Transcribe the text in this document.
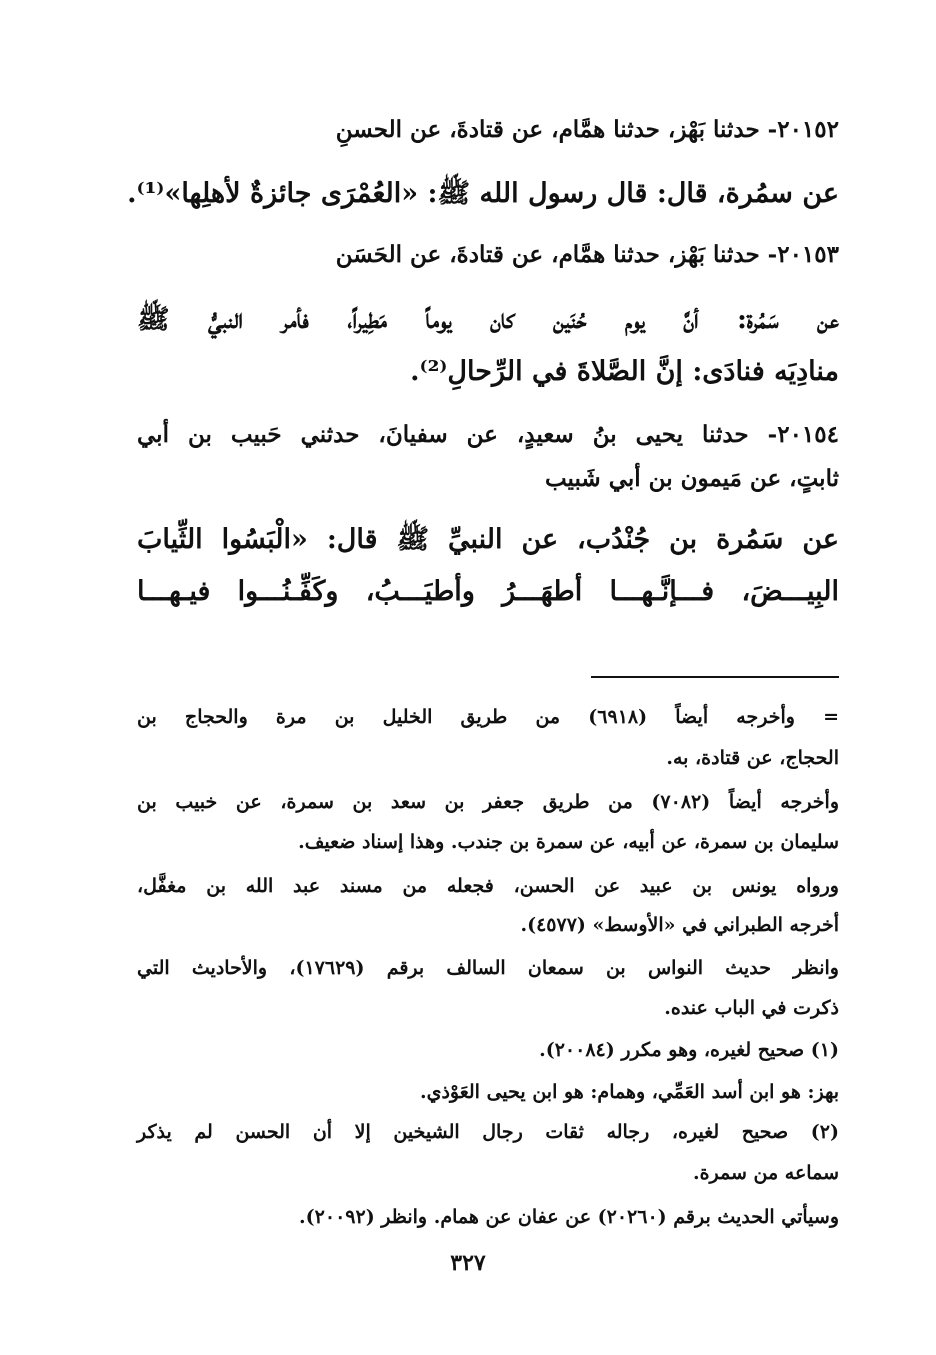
٢٠١٥٢- حدثنا بَهْز، حدثنا همَّام، عن قتادةَ، عن الحسنِ
عن سمُرة، قال: قال رسول الله ﷺ: «العُمْرَى جائزةٌ لأهلِها»⁽¹⁾.
٢٠١٥٣- حدثنا بَهْز، حدثنا همَّام، عن قتادةَ، عن الحَسَن
عن سَمُرة: أنَّ يوم حُنَين كان يوماً مَطِيراً، فأمر النبيُّ ﷺ
منادِيَه فنادَى: إنَّ الصَّلاةَ في الرِّحالِ⁽²⁾.
٢٠١٥٤- حدثنا يحيى بنُ سعيدٍ، عن سفيانَ، حدثني حَبيب بن أبي
ثابتٍ، عن مَيمون بن أبي شَبيب
عن سَمُرة بن جُنْدُب، عن النبيِّ ﷺ قال: «الْبَسُوا الثِّيابَ
البِيـــضَ، فـــإنَّـهـــا أطهَـــرُ وأطيَـــبُ، وكَفِّـنُـــوا فيـهـــا
= وأخرجه أيضاً (٦٩١٨) من طريق الخليل بن مرة والحجاج بن
الحجاج، عن قتادة، به.
وأخرجه أيضاً (٧٠٨٢) من طريق جعفر بن سعد بن سمرة، عن خبيب بن
سليمان بن سمرة، عن أبيه، عن سمرة بن جندب. وهذا إسناد ضعيف.
ورواه يونس بن عبيد عن الحسن، فجعله من مسند عبد الله بن مغفَّل،
أخرجه الطبراني في «الأوسط» (٤٥٧٧).
وانظر حديث النواس بن سمعان السالف برقم (١٧٦٢٩)، والأحاديث التي
ذكرت في الباب عنده.
(١) صحيح لغيره، وهو مكرر (٢٠٠٨٤).
بهز: هو ابن أسد العَمِّي، وهمام: هو ابن يحيى العَوْذي.
(٢) صحيح لغيره، رجاله ثقات رجال الشيخين إلا أن الحسن لم يذكر
سماعه من سمرة.
وسيأتي الحديث برقم (٢٠٢٦٠) عن عفان عن همام. وانظر (٢٠٠٩٢).
٣٢٧
